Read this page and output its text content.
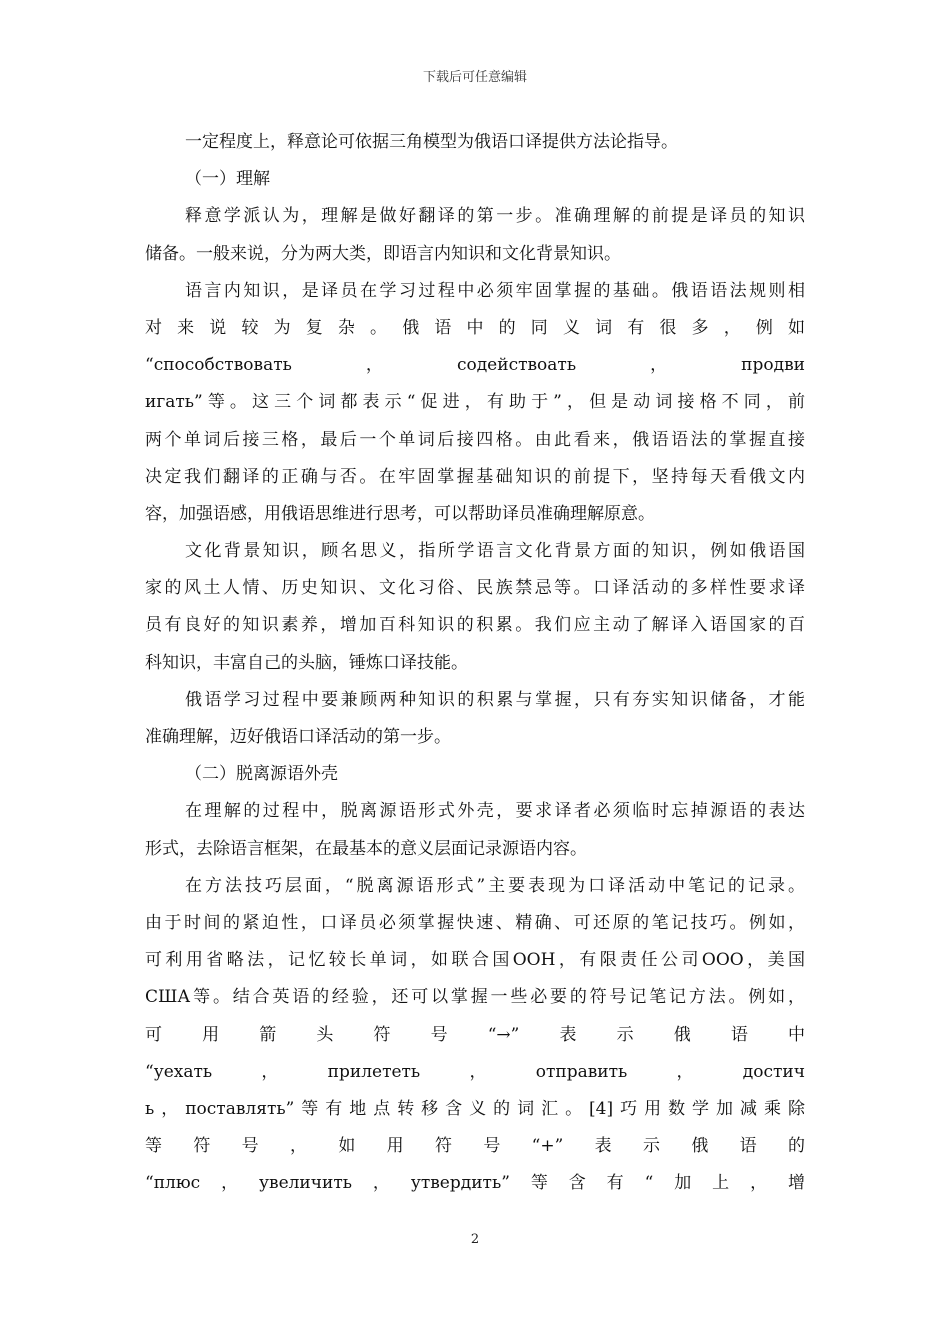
下载后可任意编辑
一定程度上，释意论可依据三角模型为俄语口译提供方法论指导。
（一）理解
释意学派认为，理解是做好翻译的第一步。准确理解的前提是译员的知识
储备。一般来说，分为两大类，即语言内知识和文化背景知识。
语言内知识，是译员在学习过程中必须牢固掌握的基础。俄语语法规则相
对来说较为复杂。俄语中的同义词有很多，例如
“способствовать，содействоать，продви
игать”等。这三个词都表示“促进，有助于”，但是动词接格不同，前
两个单词后接三格，最后一个单词后接四格。由此看来，俄语语法的掌握直接
决定我们翻译的正确与否。在牢固掌握基础知识的前提下，坚持每天看俄文内
容，加强语感，用俄语思维进行思考，可以帮助译员准确理解原意。
文化背景知识，顾名思义，指所学语言文化背景方面的知识，例如俄语国
家的风土人情、历史知识、文化习俗、民族禁忌等。口译活动的多样性要求译
员有良好的知识素养，增加百科知识的积累。我们应主动了解译入语国家的百
科知识，丰富自己的头脑，锤炼口译技能。
俄语学习过程中要兼顾两种知识的积累与掌握，只有夯实知识储备，才能
准确理解，迈好俄语口译活动的第一步。
（二）脱离源语外壳
在理解的过程中，脱离源语形式外壳，要求译者必须临时忘掉源语的表达
形式，去除语言框架，在最基本的意义层面记录源语内容。
在方法技巧层面，“脱离源语形式”主要表现为口译活动中笔记的记录。
由于时间的紧迫性，口译员必须掌握快速、精确、可还原的笔记技巧。例如，
可利用省略法，记忆较长单词，如联合国ООН，有限责任公司ООО，美国
США等。结合英语的经验，还可以掌握一些必要的符号记笔记方法。例如，
可用箭头符号“→”表示俄语中
“уехать，прилететь，отправить，достич
ь，поставлять”等有地点转移含义的词汇。[4]巧用数学加减乘除
等符号，如用符号“+”表示俄语的
“плюс，увеличить，утвердить”等含有“加上，增
2
